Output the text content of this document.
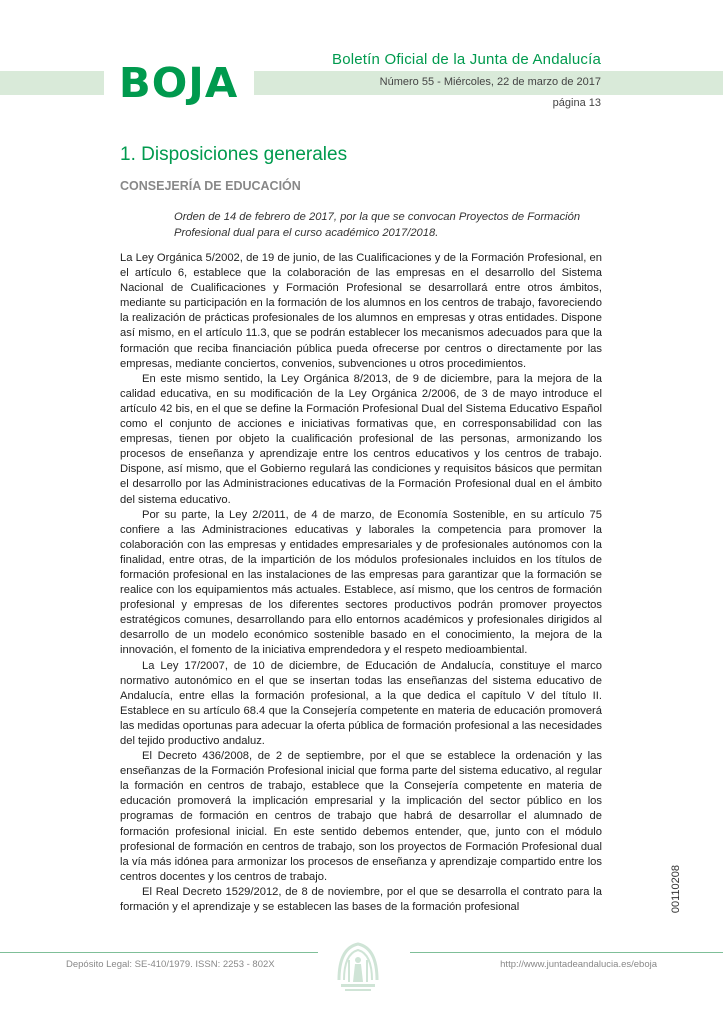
BOJA	Boletín Oficial de la Junta de Andalucía
Número 55 - Miércoles, 22 de marzo de 2017
página 13
1. Disposiciones generales
CONSEJERÍA DE EDUCACIÓN
Orden de 14 de febrero de 2017, por la que se convocan Proyectos de Formación Profesional dual para el curso académico 2017/2018.

La Ley Orgánica 5/2002, de 19 de junio, de las Cualificaciones y de la Formación Profesional, en el artículo 6, establece que la colaboración de las empresas en el desarrollo del Sistema Nacional de Cualificaciones y Formación Profesional se desarrollará entre otros ámbitos, mediante su participación en la formación de los alumnos en los centros de trabajo, favoreciendo la realización de prácticas profesionales de los alumnos en empresas y otras entidades. Dispone así mismo, en el artículo 11.3, que se podrán establecer los mecanismos adecuados para que la formación que reciba financiación pública pueda ofrecerse por centros o directamente por las empresas, mediante conciertos, convenios, subvenciones u otros procedimientos.

En este mismo sentido, la Ley Orgánica 8/2013, de 9 de diciembre, para la mejora de la calidad educativa, en su modificación de la Ley Orgánica 2/2006, de 3 de mayo introduce el artículo 42 bis, en el que se define la Formación Profesional Dual del Sistema Educativo Español como el conjunto de acciones e iniciativas formativas que, en corresponsabilidad con las empresas, tienen por objeto la cualificación profesional de las personas, armonizando los procesos de enseñanza y aprendizaje entre los centros educativos y los centros de trabajo. Dispone, así mismo, que el Gobierno regulará las condiciones y requisitos básicos que permitan el desarrollo por las Administraciones educativas de la Formación Profesional dual en el ámbito del sistema educativo.

Por su parte, la Ley 2/2011, de 4 de marzo, de Economía Sostenible, en su artículo 75 confiere a las Administraciones educativas y laborales la competencia para promover la colaboración con las empresas y entidades empresariales y de profesionales autónomos con la finalidad, entre otras, de la impartición de los módulos profesionales incluidos en los títulos de formación profesional en las instalaciones de las empresas para garantizar que la formación se realice con los equipamientos más actuales. Establece, así mismo, que los centros de formación profesional y empresas de los diferentes sectores productivos podrán promover proyectos estratégicos comunes, desarrollando para ello entornos académicos y profesionales dirigidos al desarrollo de un modelo económico sostenible basado en el conocimiento, la mejora de la innovación, el fomento de la iniciativa emprendedora y el respeto medioambiental.

La Ley 17/2007, de 10 de diciembre, de Educación de Andalucía, constituye el marco normativo autonómico en el que se insertan todas las enseñanzas del sistema educativo de Andalucía, entre ellas la formación profesional, a la que dedica el capítulo V del título II. Establece en su artículo 68.4 que la Consejería competente en materia de educación promoverá las medidas oportunas para adecuar la oferta pública de formación profesional a las necesidades del tejido productivo andaluz.

El Decreto 436/2008, de 2 de septiembre, por el que se establece la ordenación y las enseñanzas de la Formación Profesional inicial que forma parte del sistema educativo, al regular la formación en centros de trabajo, establece que la Consejería competente en materia de educación promoverá la implicación empresarial y la implicación del sector público en los programas de formación en centros de trabajo que habrá de desarrollar el alumnado de formación profesional inicial. En este sentido debemos entender, que, junto con el módulo profesional de formación en centros de trabajo, son los proyectos de Formación Profesional dual la vía más idónea para armonizar los procesos de enseñanza y aprendizaje compartido entre los centros docentes y los centros de trabajo.

El Real Decreto 1529/2012, de 8 de noviembre, por el que se desarrolla el contrato para la formación y el aprendizaje y se establecen las bases de la formación profesional	00110208
Depósito Legal: SE-410/1979. ISSN: 2253 - 802X	http://www.juntadeandalucia.es/eboja
